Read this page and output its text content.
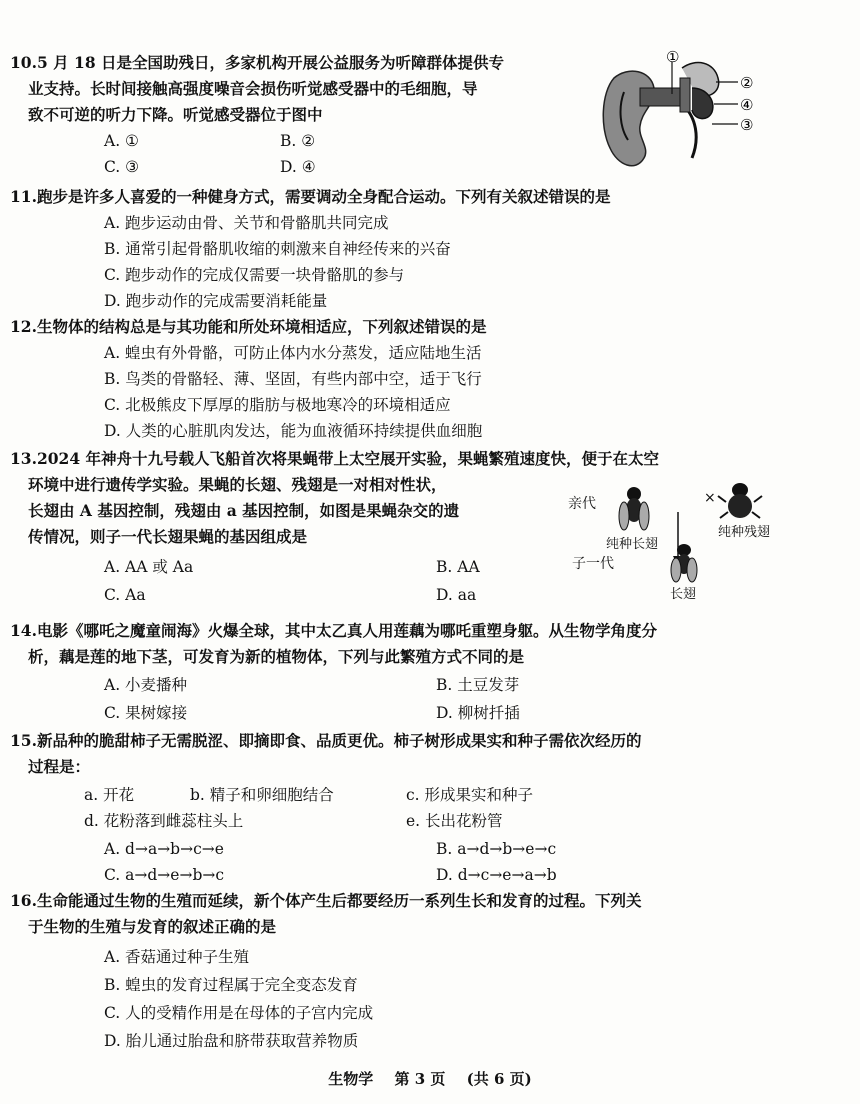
10.5 月 18 日是全国助残日，多家机构开展公益服务为听障群体提供专
业支持。长时间接触高强度噪音会损伤听觉感受器中的毛细胞，导
致不可逆的听力下降。听觉感受器位于图中
A. ①	B. ②
C. ③	D. ④
①
②
④
③
11.跑步是许多人喜爱的一种健身方式，需要调动全身配合运动。下列有关叙述错误的是
A. 跑步运动由骨、关节和骨骼肌共同完成
B. 通常引起骨骼肌收缩的刺激来自神经传来的兴奋
C. 跑步动作的完成仅需要一块骨骼肌的参与
D. 跑步动作的完成需要消耗能量
12.生物体的结构总是与其功能和所处环境相适应，下列叙述错误的是
A. 蝗虫有外骨骼，可防止体内水分蒸发，适应陆地生活
B. 鸟类的骨骼轻、薄、坚固，有些内部中空，适于飞行
C. 北极熊皮下厚厚的脂肪与极地寒冷的环境相适应
D. 人类的心脏肌肉发达，能为血液循环持续提供血细胞
13.2024 年神舟十九号载人飞船首次将果蝇带上太空展开实验，果蝇繁殖速度快，便于在太空
环境中进行遗传学实验。果蝇的长翅、残翅是一对相对性状，
长翅由 A 基因控制，残翅由 a 基因控制，如图是果蝇杂交的遗
传情况，则子一代长翅果蝇的基因组成是
A. AA 或 Aa	B. AA
C. Aa	D. aa
亲代	×
纯种长翅
纯种残翅
子一代
长翅
14.电影《哪吒之魔童闹海》火爆全球，其中太乙真人用莲藕为哪吒重塑身躯。从生物学角度分
析，藕是莲的地下茎，可发育为新的植物体，下列与此繁殖方式不同的是
A. 小麦播种	B. 土豆发芽
C. 果树嫁接	D. 柳树扦插
15.新品种的脆甜柿子无需脱涩、即摘即食、品质更优。柿子树形成果实和种子需依次经历的
过程是：
a. 开花	b. 精子和卵细胞结合	c. 形成果实和种子
d. 花粉落到雌蕊柱头上	e. 长出花粉管
A. d→a→b→c→e	B. a→d→b→e→c
C. a→d→e→b→c	D. d→c→e→a→b
16.生命能通过生物的生殖而延续，新个体产生后都要经历一系列生长和发育的过程。下列关
于生物的生殖与发育的叙述正确的是
A. 香菇通过种子生殖
B. 蝗虫的发育过程属于完全变态发育
C. 人的受精作用是在母体的子宫内完成
D. 胎儿通过胎盘和脐带获取营养物质
生物学 第 3 页 (共 6 页)
